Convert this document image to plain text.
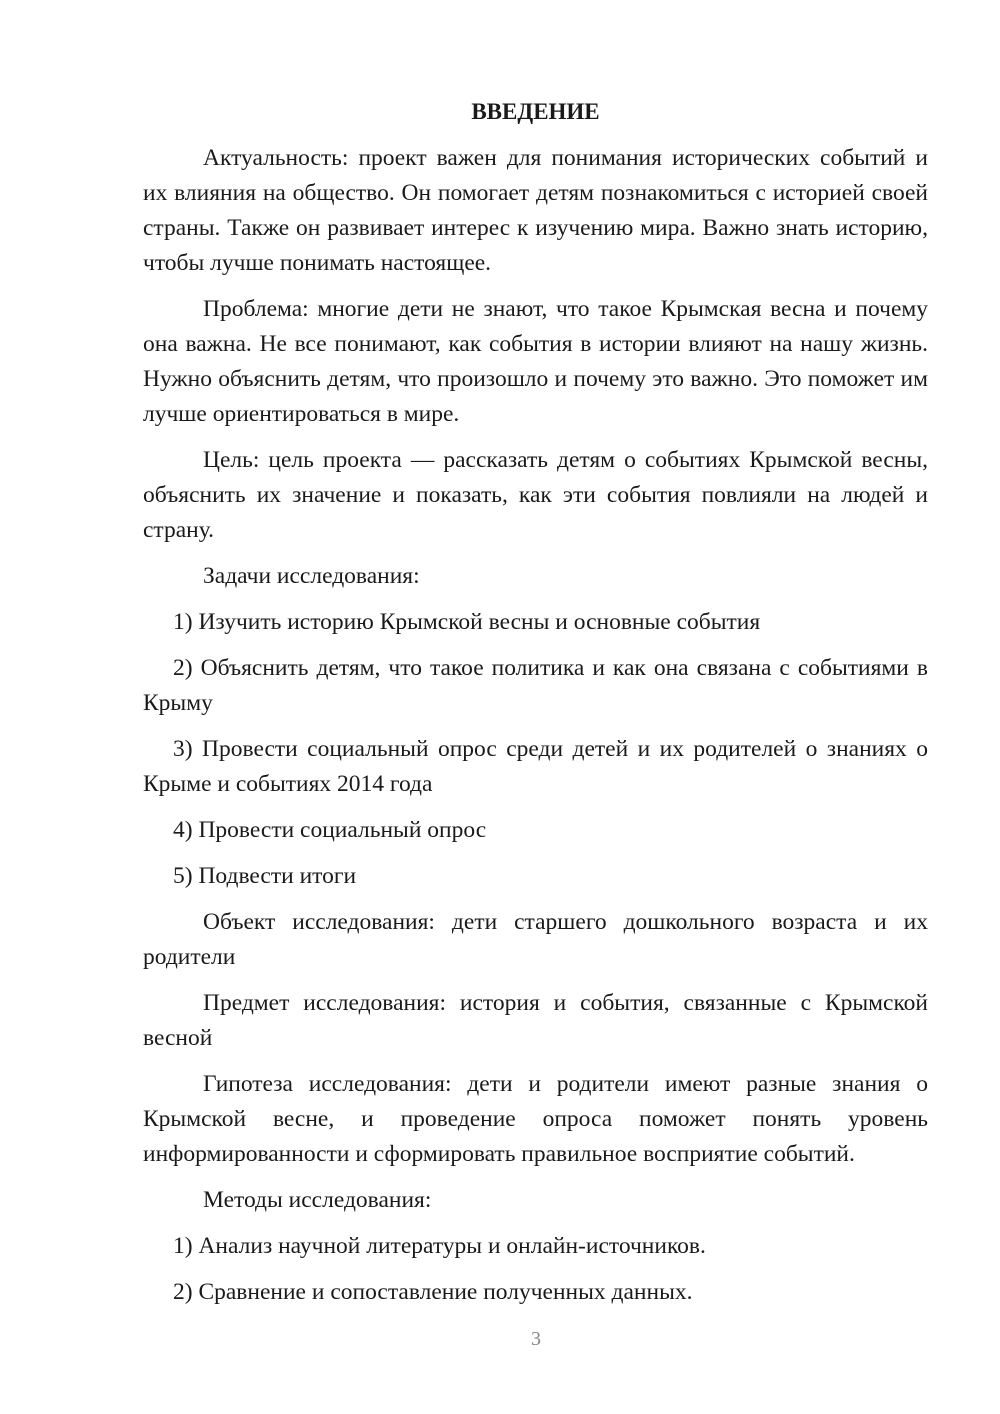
ВВЕДЕНИЕ

Актуальность: проект важен для понимания исторических событий и их влияния на общество. Он помогает детям познакомиться с историей своей страны. Также он развивает интерес к изучению мира. Важно знать историю, чтобы лучше понимать настоящее.

Проблема: многие дети не знают, что такое Крымская весна и почему она важна. Не все понимают, как события в истории влияют на нашу жизнь. Нужно объяснить детям, что произошло и почему это важно. Это поможет им лучше ориентироваться в мире.

Цель: цель проекта — рассказать детям о событиях Крымской весны, объяснить их значение и показать, как эти события повлияли на людей и страну.

Задачи исследования:

1) Изучить историю Крымской весны и основные события

2) Объяснить детям, что такое политика и как она связана с событиями в Крыму

3) Провести социальный опрос среди детей и их родителей о знаниях о Крыме и событиях 2014 года

4) Провести социальный опрос

5) Подвести итоги

Объект исследования: дети старшего дошкольного возраста и их родители

Предмет исследования: история и события, связанные с Крымской весной

Гипотеза исследования: дети и родители имеют разные знания о Крымской весне, и проведение опроса поможет понять уровень информированности и сформировать правильное восприятие событий.

Методы исследования:

1) Анализ научной литературы и онлайн-источников.

2) Сравнение и сопоставление полученных данных.

3
